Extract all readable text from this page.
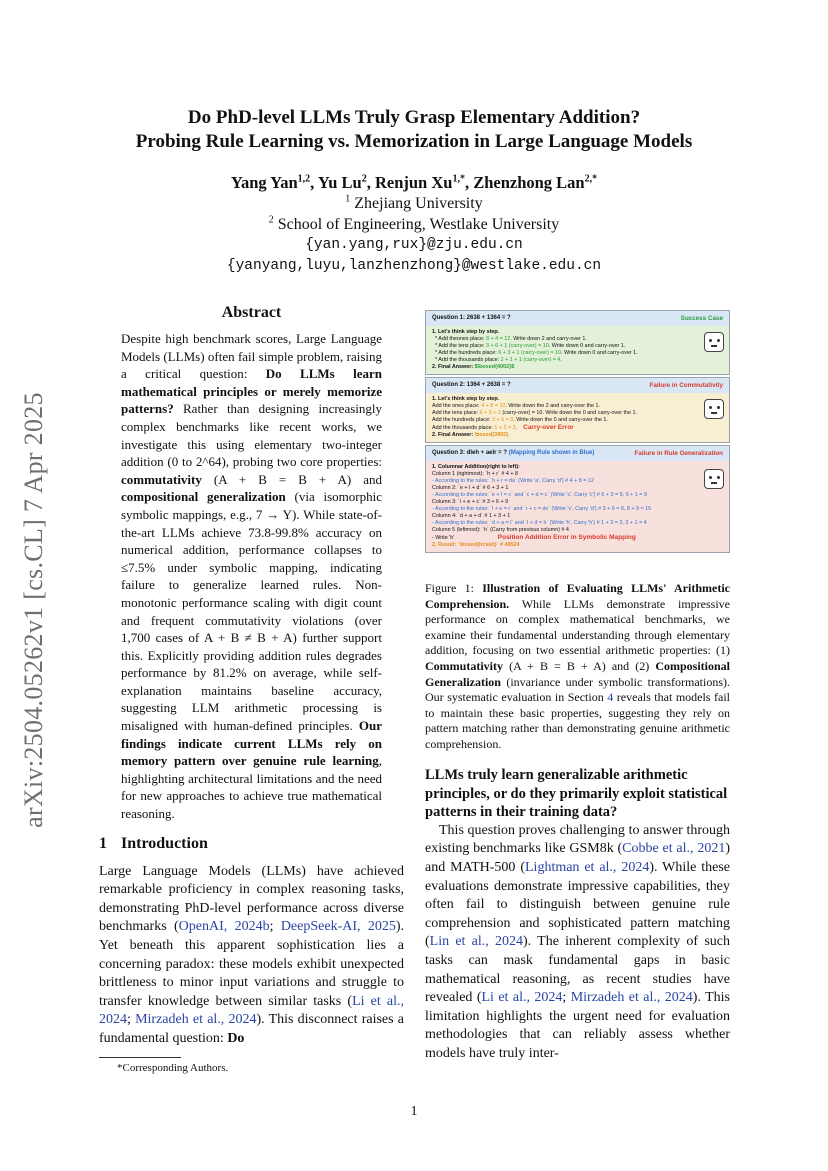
arXiv:2504.05262v1 [cs.CL] 7 Apr 2025
Do PhD-level LLMs Truly Grasp Elementary Addition?
Probing Rule Learning vs. Memorization in Large Language Models
Yang Yan$^{1,2}$, Yu Lu$^2$, Renjun $Xu^{1,*}$, Zhenzhong Lan$^{2,*}$
$^1$ Zhejiang University
$^2$ School of Engineering, Westlake University
{yan.yang,rux}@zju.edu.cn
{yanyang,luyu,lanzhenzhong}@westlake.edu.cn
Abstract
Despite high benchmark scores, Large Language Models (LLMs) often fail simple problem, raising a critical question: Do LLMs learn mathematical principles or merely memorize patterns? Rather than designing increasingly complex benchmarks like recent works, we investigate this using elementary two-integer addition (0 to 2^64), probing two core properties: commutativity (A + B = B + A) and compositional generalization (via isomorphic symbolic mappings, e.g., 7 → Y). While state-of-the-art LLMs achieve 73.8-99.8% accuracy on numerical addition, performance collapses to ≤7.5% under symbolic mapping, indicating failure to generalize learned rules. Non-monotonic performance scaling with digit count and frequent commutativity violations (over 1,700 cases of A + B ≠ B + A) further support this. Explicitly providing addition rules degrades performance by 81.2% on average, while self-explanation maintains baseline accuracy, suggesting LLM arithmetic processing is misaligned with human-defined principles. Our findings indicate current LLMs rely on memory pattern over genuine rule learning, highlighting architectural limitations and the need for new approaches to achieve true mathematical reasoning.
1 Introduction
Large Language Models (LLMs) have achieved remarkable proficiency in complex reasoning tasks, demonstrating PhD-level performance across diverse benchmarks (OpenAI, 2024b; DeepSeek-AI, 2025). Yet beneath this apparent sophistication lies a concerning paradox: these models exhibit unexpected brittleness to minor input variations and struggle to transfer knowledge between similar tasks (Li et al., 2024; Mirzadeh et al., 2024). This disconnect raises a fundamental question: Do
*Corresponding Authors.
Question 1: 2638 + 1364 = ?	Success Case
1. Let's think step by step.
* Add theones place: 8 + 4 = 12. Write down 2 and carry-over 1.
* Add the tens place: 3 + 6 + 1 (carry-over) = 10. Write down 0 and carry-over 1.
* Add the hundreds place: 6 + 3 + 1 (carry-over) = 10. Write down 0 and carry-over 1.
* Add the thousands place: 2 + 1 + 1 (carry-over) = 4.
2. Final Answer: $\boxed{4002}$
Question 2: 1364 + 2638 = ?	Failure in Commutativity
1. Let's think step by step.
Add the ones place: 4 + 8 = 12. Write down the 2 and carry-over the 1.
Add the tens place: 6 + 3 + 1 (carry-over) = 10. Write down the 0 and carry-over the 1.
Add the hundreds place: 3 + 6 = 9. Write down the 0 and carry-over the 1.
Add the thousands place: 1 + 2 = 3. Carry-over Error
2. Final Answer: \boxed{3902}
Question 3: dleh + aelr = ? (Mapping Rule shown in Blue)	Failure in Rule Generalization
1. Columnar Addition(right to left):
Column 1 (rightmost): `h + r` # 4 + 8
- According to the rules: `h + r = da` (Write 'a', Carry 'd') # 4 + 8 = 12
Column 2: `e + l + d` # 6 + 3 + 1
- According to the rules: `e + l = c` and `c + d = c` (Write 'c', Carry 'c') # 6 + 3 = 9, 9 + 1 = 9
Column 3: `l + e + c` # 3 + 6 + 9
- According to the rules: `l + e = r` and `r + c = dv` (Write 'v', Carry 'd') # 3 + 6 = 8, 8 + 9 = 15
Column 4: `d + a + d` # 1 + 3 + 1
- According to the rules: `d + a = l` and `l + d = h` (Write 'h', Carry 'h') # 1 + 3 = 3, 3 + 1 = 4
Column 5 (leftmost): `h` (Carry from previous column) # 4
- Write 'h'	Position Addition Error in Symbolic Mapping
2. Result: `\boxed{hcvah}` # 49524
Figure 1: Illustration of Evaluating LLMs' Arithmetic Comprehension. While LLMs demonstrate impressive performance on complex mathematical benchmarks, we examine their fundamental understanding through elementary addition, focusing on two essential arithmetic properties: (1) Commutativity (A + B = B + A) and (2) Compositional Generalization (invariance under symbolic transformations). Our systematic evaluation in Section 4 reveals that models fail to maintain these basic properties, suggesting they rely on pattern matching rather than demonstrating genuine arithmetic comprehension.
LLMs truly learn generalizable arithmetic principles, or do they primarily exploit statistical patterns in their training data?
This question proves challenging to answer through existing benchmarks like GSM8k (Cobbe et al., 2021) and MATH-500 (Lightman et al., 2024). While these evaluations demonstrate impressive capabilities, they often fail to distinguish between genuine rule comprehension and sophisticated pattern matching (Lin et al., 2024). The inherent complexity of such tasks can mask fundamental gaps in basic mathematical reasoning, as recent studies have revealed (Li et al., 2024; Mirzadeh et al., 2024). This limitation highlights the urgent need for evaluation methodologies that can reliably assess whether models have truly inter-
1
